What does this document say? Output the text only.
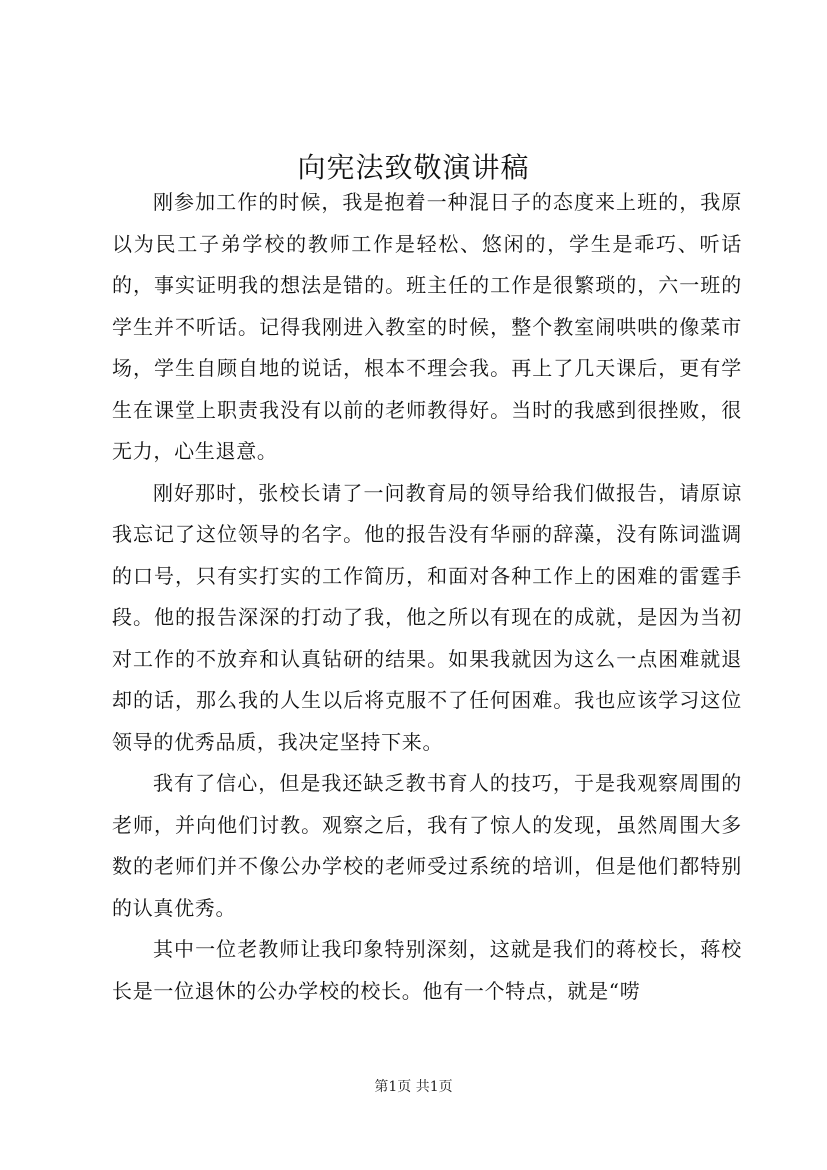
向宪法致敬演讲稿

刚参加工作的时候，我是抱着一种混日子的态度来上班的，我原以为民工子弟学校的教师工作是轻松、悠闲的，学生是乖巧、听话的，事实证明我的想法是错的。班主任的工作是很繁琐的，六一班的学生并不听话。记得我刚进入教室的时候，整个教室闹哄哄的像菜市场，学生自顾自地的说话，根本不理会我。再上了几天课后，更有学生在课堂上职责我没有以前的老师教得好。当时的我感到很挫败，很无力，心生退意。

刚好那时，张校长请了一问教育局的领导给我们做报告，请原谅我忘记了这位领导的名字。他的报告没有华丽的辞藻，没有陈词滥调的口号，只有实打实的工作简历，和面对各种工作上的困难的雷霆手段。他的报告深深的打动了我，他之所以有现在的成就，是因为当初对工作的不放弃和认真钻研的结果。如果我就因为这么一点困难就退却的话，那么我的人生以后将克服不了任何困难。我也应该学习这位领导的优秀品质，我决定坚持下来。

我有了信心，但是我还缺乏教书育人的技巧，于是我观察周围的老师，并向他们讨教。观察之后，我有了惊人的发现，虽然周围大多数的老师们并不像公办学校的老师受过系统的培训，但是他们都特别的认真优秀。

其中一位老教师让我印象特别深刻，这就是我们的蒋校长，蒋校长是一位退休的公办学校的校长。他有一个特点，就是“唠

第1页 共1页
